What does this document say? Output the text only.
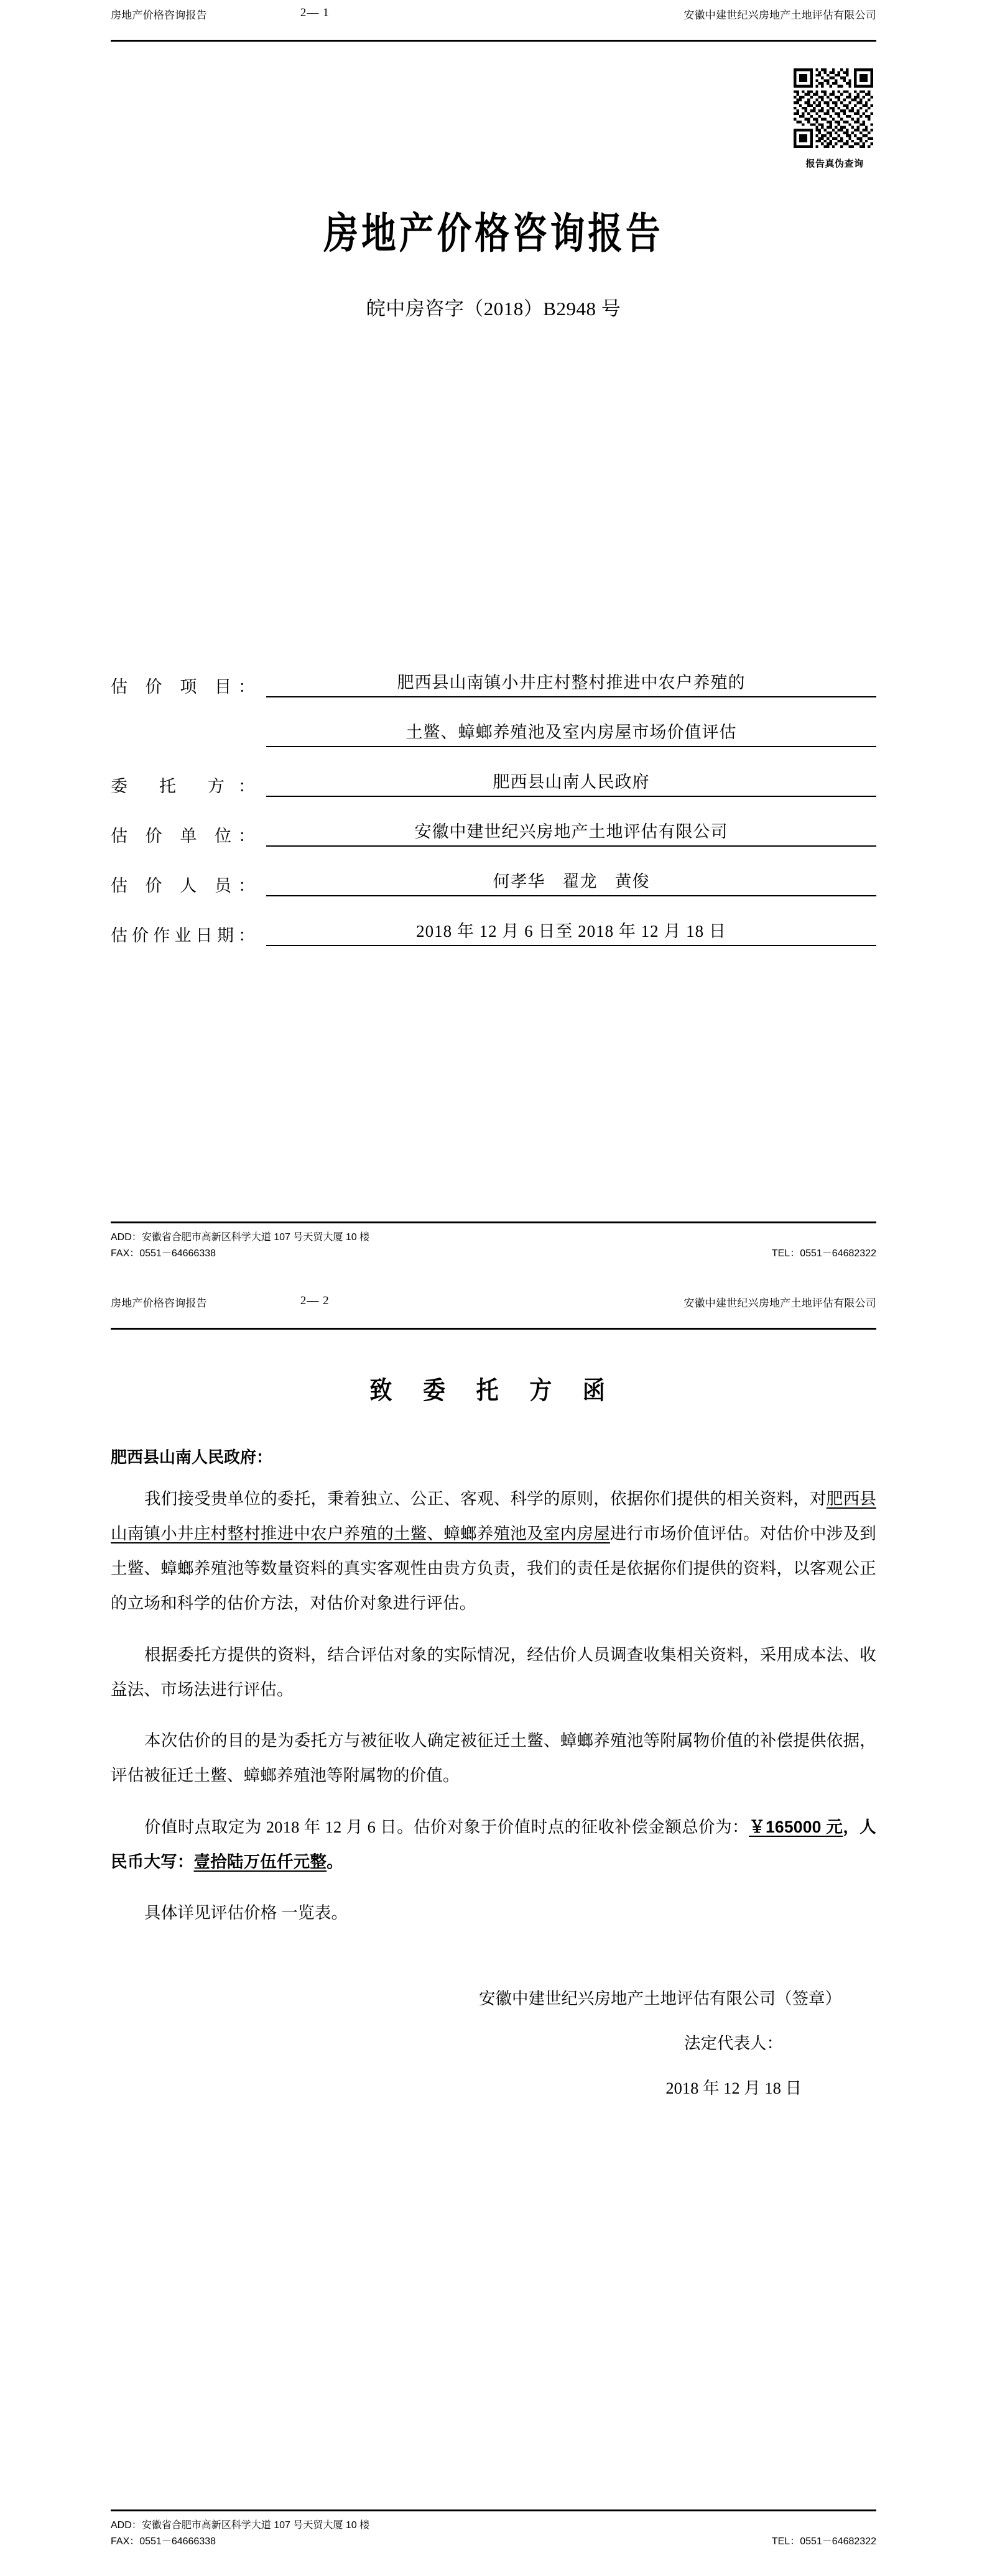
房地产价格咨询报告	2— 1	安徽中建世纪兴房地产土地评估有限公司
报告真伪查询
房地产价格咨询报告
皖中房咨字（2018）B2948 号
估 价 项 目：	肥西县山南镇小井庄村整村推进中农户养殖的
土鳖、蟑螂养殖池及室内房屋市场价值评估
委 托 方：	肥西县山南人民政府
估 价 单 位：	安徽中建世纪兴房地产土地评估有限公司
估 价 人 员：	何孝华　翟龙　黄俊
估价作业日期：	2018 年 12 月 6 日至 2018 年 12 月 18 日
ADD：安徽省合肥市高新区科学大道 107 号天贸大厦 10 楼
FAX：0551－64666338	TEL：0551－64682322
房地产价格咨询报告	2— 2	安徽中建世纪兴房地产土地评估有限公司
致 委 托 方 函
肥西县山南人民政府：

我们接受贵单位的委托，秉着独立、公正、客观、科学的原则，依据你们提供的相关资料，对肥西县山南镇小井庄村整村推进中农户养殖的土鳖、蟑螂养殖池及室内房屋进行市场价值评估。对估价中涉及到土鳖、蟑螂养殖池等数量资料的真实客观性由贵方负责，我们的责任是依据你们提供的资料，以客观公正的立场和科学的估价方法，对估价对象进行评估。

根据委托方提供的资料，结合评估对象的实际情况，经估价人员调查收集相关资料，采用成本法、收益法、市场法进行评估。

本次估价的目的是为委托方与被征收人确定被征迁土鳖、蟑螂养殖池等附属物价值的补偿提供依据，评估被征迁土鳖、蟑螂养殖池等附属物的价值。

价值时点取定为 2018 年 12 月 6 日。估价对象于价值时点的征收补偿金额总价为：￥165000 元，人民币大写：壹拾陆万伍仟元整。

具体详见评估价格 一览表。

安徽中建世纪兴房地产土地评估有限公司（签章）
法定代表人：
2018 年 12 月 18 日
ADD：安徽省合肥市高新区科学大道 107 号天贸大厦 10 楼
FAX：0551－64666338	TEL：0551－64682322
